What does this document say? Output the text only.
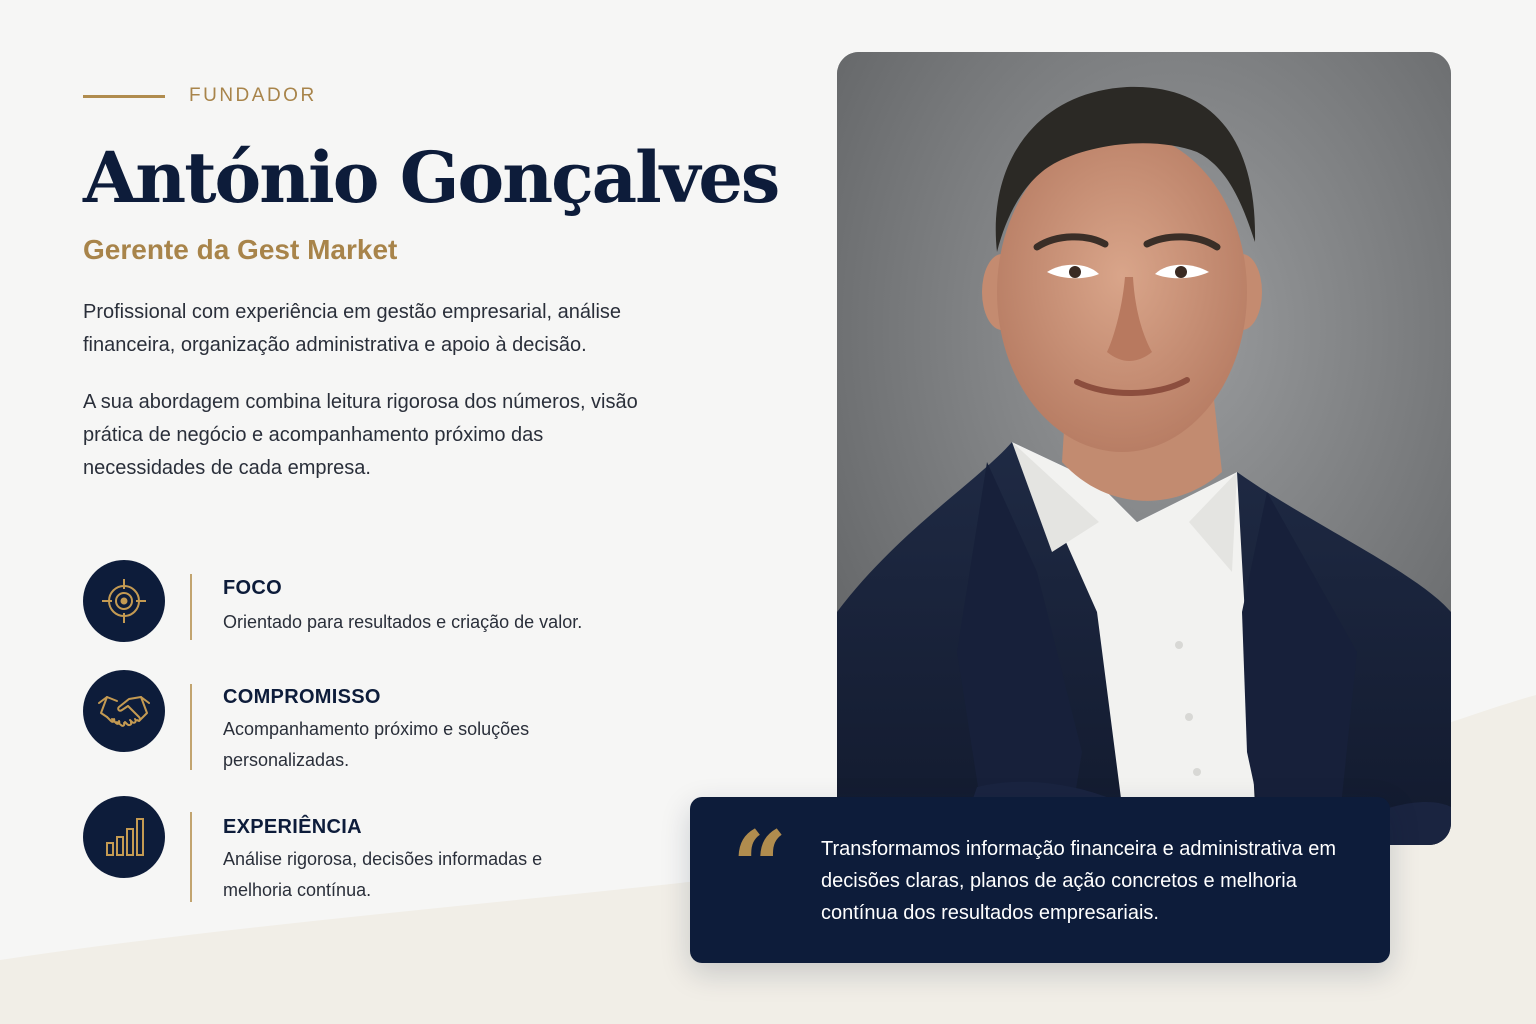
FUNDADOR
António Gonçalves
Gerente da Gest Market

Profissional com experiência em gestão empresarial, análise financeira, organização administrativa e apoio à decisão.

A sua abordagem combina leitura rigorosa dos números, visão prática de negócio e acompanhamento próximo das necessidades de cada empresa.

FOCO
Orientado para resultados e criação de valor.
COMPROMISSO
Acompanhamento próximo e soluções personalizadas.
EXPERIÊNCIA
Análise rigorosa, decisões informadas e melhoria contínua.	“ Transformamos informação financeira e administrativa em decisões claras, planos de ação concretos e melhoria contínua dos resultados empresariais.
